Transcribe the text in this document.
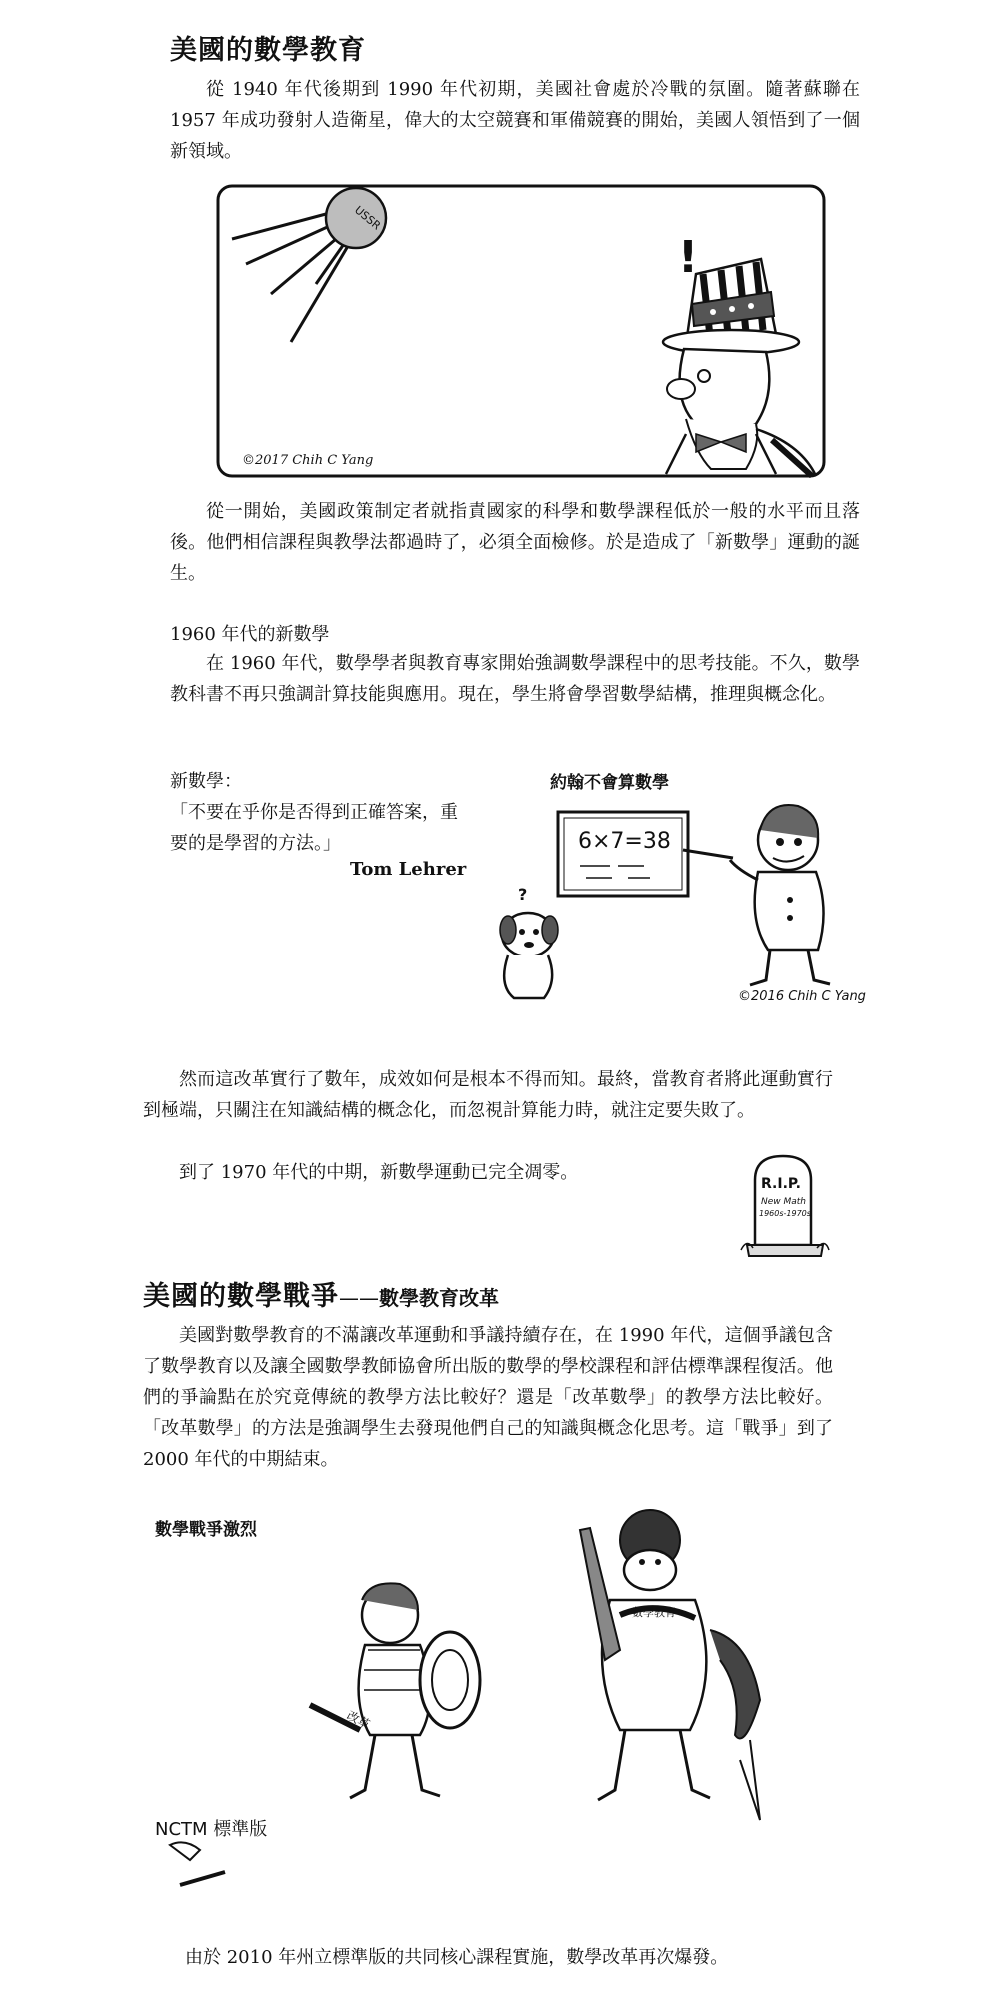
美國的數學教育

從 1940 年代後期到 1990 年代初期，美國社會處於冷戰的氛圍。隨著蘇聯在 1957 年成功發射人造衛星，偉大的太空競賽和軍備競賽的開始，美國人領悟到了一個新領域。

USSR
!
©2017 Chih C Yang

從一開始，美國政策制定者就指責國家的科學和數學課程低於一般的水平而且落後。他們相信課程與教學法都過時了，必須全面檢修。於是造成了「新數學」運動的誕生。

1960 年代的新數學

在 1960 年代，數學學者與教育專家開始強調數學課程中的思考技能。不久，數學教科書不再只強調計算技能與應用。現在，學生將會學習數學結構，推理與概念化。

新數學：

「不要在乎你是否得到正確答案，重要的是學習的方法。」

Tom Lehrer
約翰不會算數學
6×7=38
?
©2016 Chih C Yang

然而這改革實行了數年，成效如何是根本不得而知。最終，當教育者將此運動實行到極端，只關注在知識結構的概念化，而忽視計算能力時，就注定要失敗了。

到了 1970 年代的中期，新數學運動已完全凋零。

R.I.P.
New Math
1960s-1970s
美國的數學戰爭——數學教育改革

美國對數學教育的不滿讓改革運動和爭議持續存在，在 1990 年代，這個爭議包含了數學教育以及讓全國數學教師協會所出版的數學的學校課程和評估標準課程復活。他們的爭論點在於究竟傳統的教學方法比較好？還是「改革數學」的教學方法比較好。「改革數學」的方法是強調學生去發現他們自己的知識與概念化思考。這「戰爭」到了 2000 年代的中期結束。

數學戰爭激烈
改革
數學教育
NCTM 標準版

由於 2010 年州立標準版的共同核心課程實施，數學改革再次爆發。
